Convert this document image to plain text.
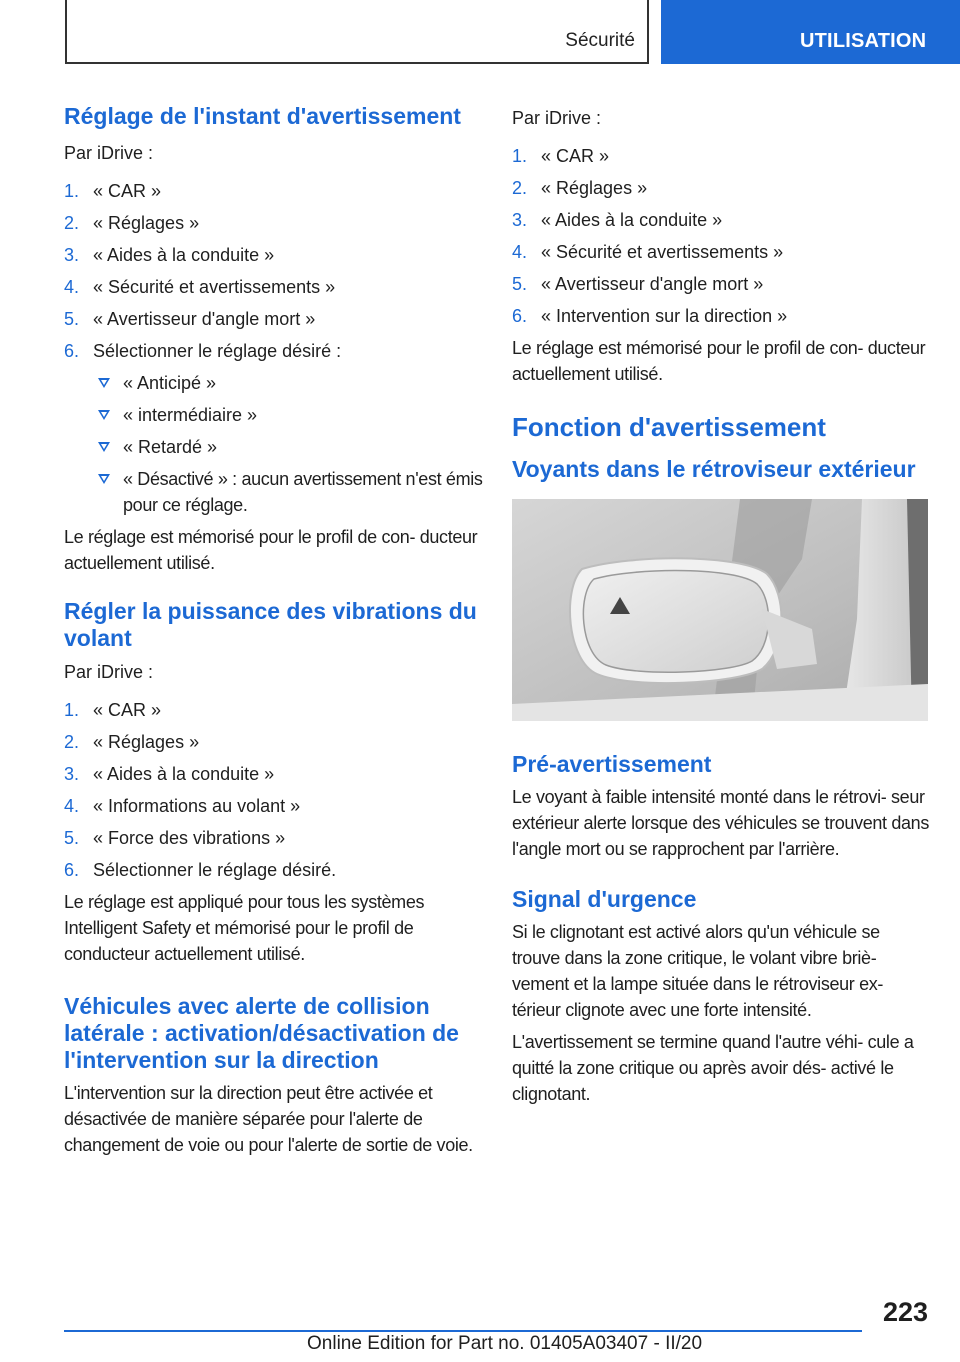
Sécurité	UTILISATION
Réglage de l'instant d'avertissement
Par iDrive :
1. « CAR »
2. « Réglages »
3. « Aides à la conduite »
4. « Sécurité et avertissements »
5. « Avertisseur d'angle mort »
6. Sélectionner le réglage désiré :
« Anticipé »
« intermédiaire »
« Retardé »
« Désactivé » : aucun avertissement n'est émis pour ce réglage.
Le réglage est mémorisé pour le profil de con‐ ducteur actuellement utilisé.
Régler la puissance des vibrations du volant
Par iDrive :
1. « CAR »
2. « Réglages »
3. « Aides à la conduite »
4. « Informations au volant »
5. « Force des vibrations »
6. Sélectionner le réglage désiré.
Le réglage est appliqué pour tous les systèmes Intelligent Safety et mémorisé pour le profil de conducteur actuellement utilisé.
Véhicules avec alerte de collision latérale : activation/désactivation de l'intervention sur la direction
L'intervention sur la direction peut être activée et désactivée de manière séparée pour l'alerte de changement de voie ou pour l'alerte de sortie de voie.
Par iDrive :
1. « CAR »
2. « Réglages »
3. « Aides à la conduite »
4. « Sécurité et avertissements »
5. « Avertisseur d'angle mort »
6. « Intervention sur la direction »
Le réglage est mémorisé pour le profil de con‐ ducteur actuellement utilisé.
Fonction d'avertissement
Voyants dans le rétroviseur extérieur
Pré‐avertissement
Le voyant à faible intensité monté dans le rétrovi‐ seur extérieur alerte lorsque des véhicules se trouvent dans l'angle mort ou se rapprochent par l'arrière.
Signal d'urgence
Si le clignotant est activé alors qu'un véhicule se trouve dans la zone critique, le volant vibre briè‐ vement et la lampe située dans le rétroviseur ex‐ térieur clignote avec une forte intensité.
L'avertissement se termine quand l'autre véhi‐ cule a quitté la zone critique ou après avoir dés‐ activé le clignotant.
223
Online Edition for Part no. 01405A03407 - II/20
